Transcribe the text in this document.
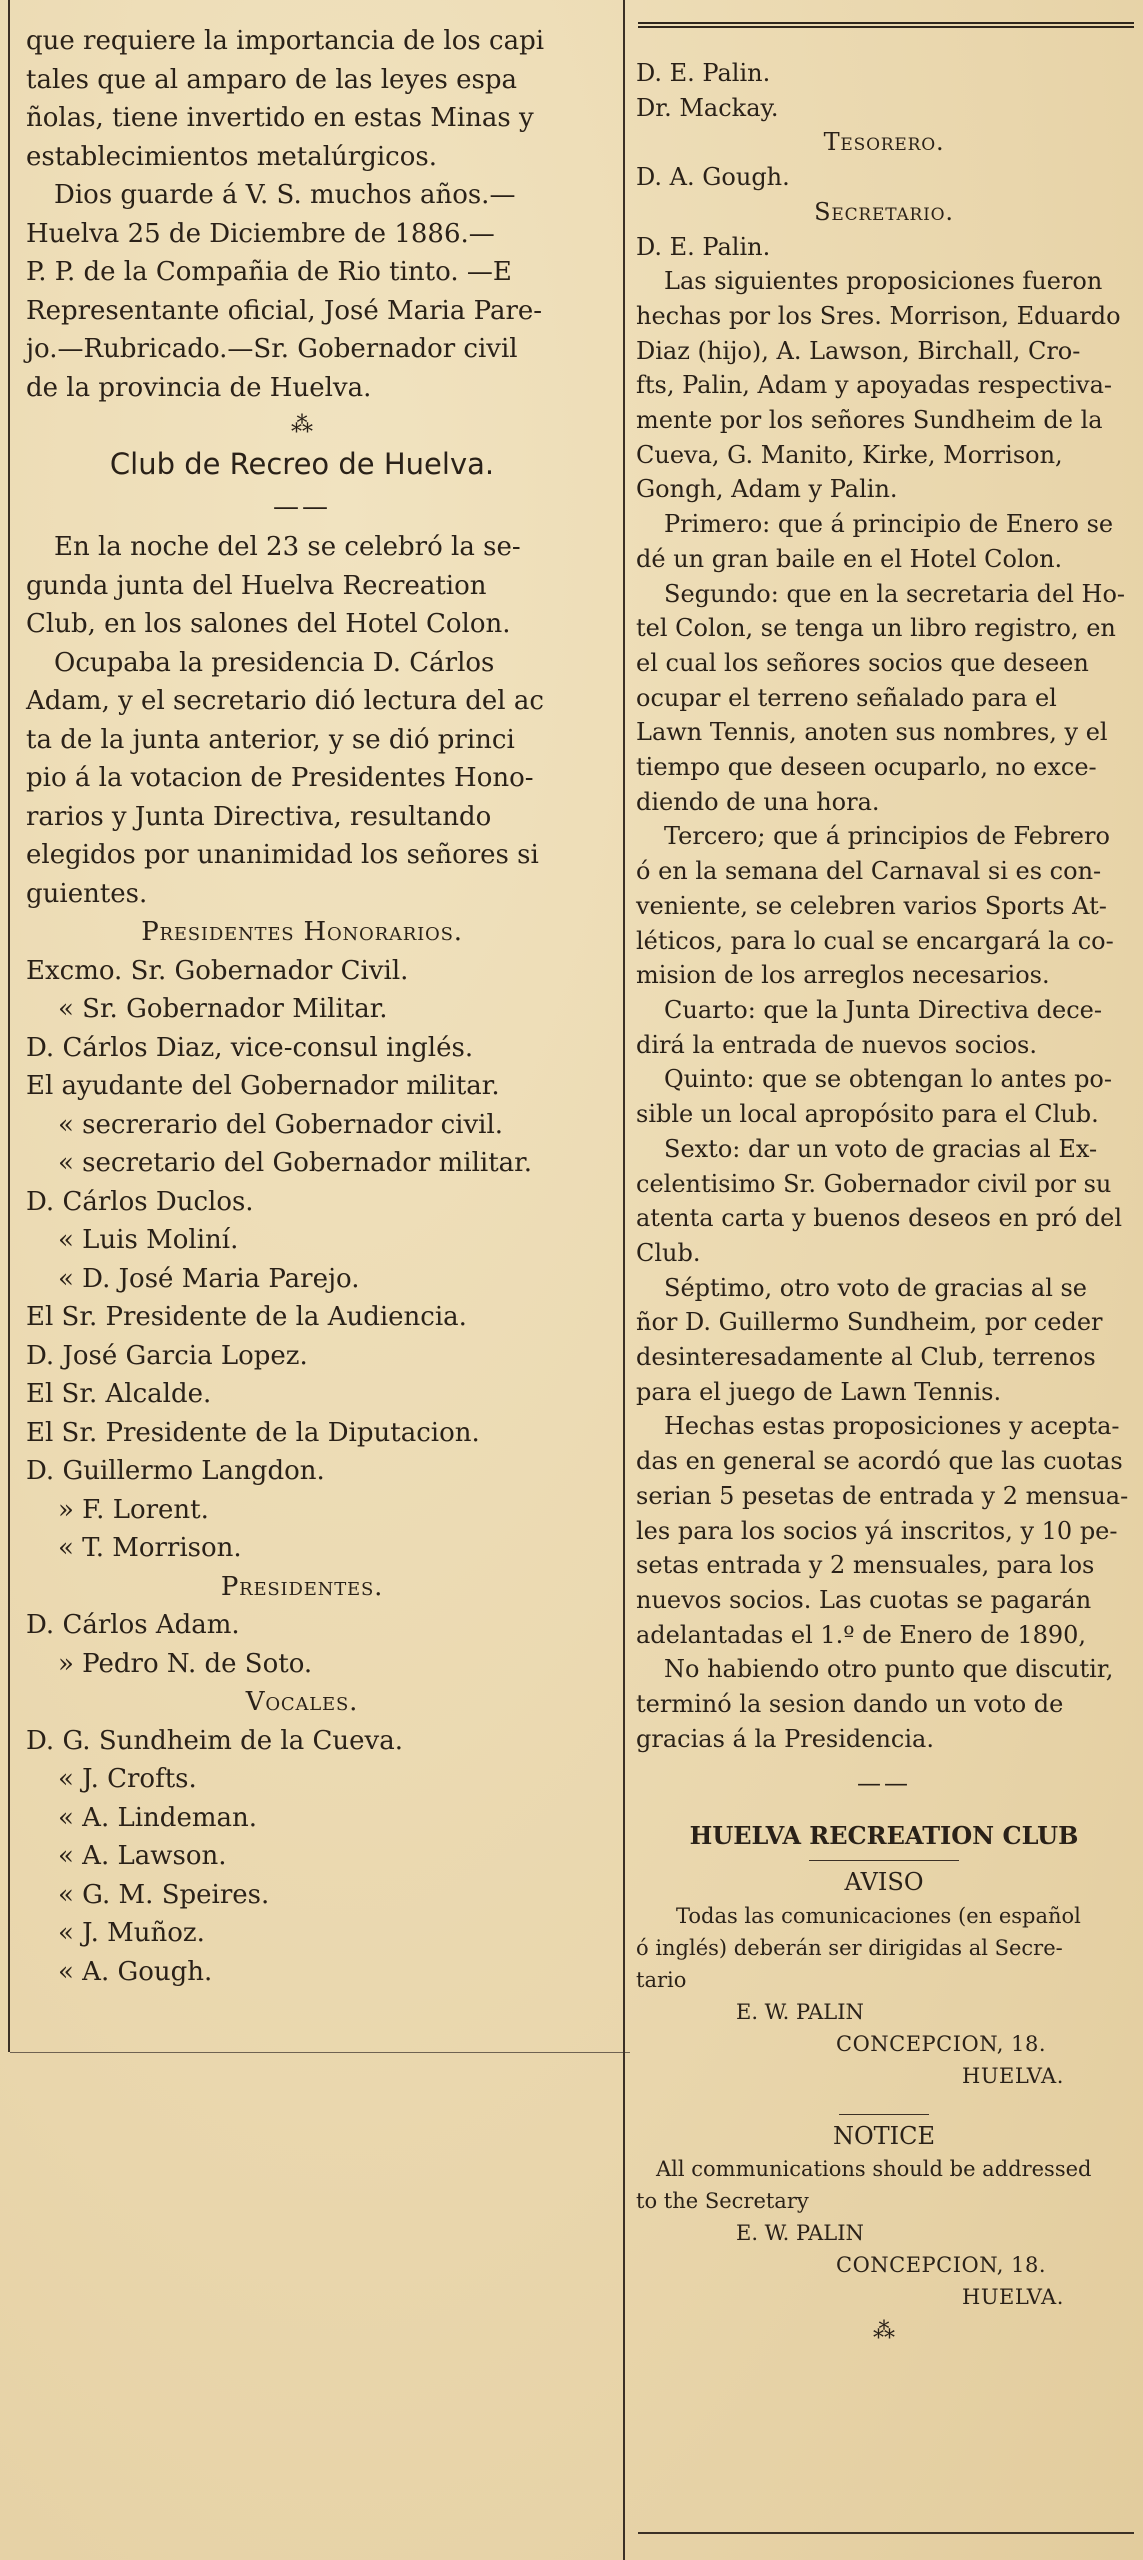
que requiere la importancia de los capi
tales que al amparo de las leyes espa
ñolas, tiene invertido en estas Minas y
establecimientos metalúrgicos.
Dios guarde á V. S. muchos años.—
Huelva 25 de Diciembre de 1886.—
P. P. de la Compañia de Rio tinto. —E
Representante oficial, José Maria Pare-
jo.—Rubricado.—Sr. Gobernador civil
de la provincia de Huelva.
⁂
Club de Recreo de Huelva.
——
En la noche del 23 se celebró la se-
gunda junta del Huelva Recreation
Club, en los salones del Hotel Colon.
Ocupaba la presidencia D. Cárlos
Adam, y el secretario dió lectura del ac
ta de la junta anterior, y se dió princi
pio á la votacion de Presidentes Hono-
rarios y Junta Directiva, resultando
elegidos por unanimidad los señores si
guientes.
Presidentes Honorarios.
Excmo. Sr. Gobernador Civil.
« Sr. Gobernador Militar.
D. Cárlos Diaz, vice-consul inglés.
El ayudante del Gobernador militar.
« secrerario del Gobernador civil.
« secretario del Gobernador militar.
D. Cárlos Duclos.
« Luis Moliní.
« D. José Maria Parejo.
El Sr. Presidente de la Audiencia.
D. José Garcia Lopez.
El Sr. Alcalde.
El Sr. Presidente de la Diputacion.
D. Guillermo Langdon.
» F. Lorent.
« T. Morrison.
Presidentes.
D. Cárlos Adam.
» Pedro N. de Soto.
Vocales.
D. G. Sundheim de la Cueva.
« J. Crofts.
« A. Lindeman.
« A. Lawson.
« G. M. Speires.
« J. Muñoz.
« A. Gough.
D. E. Palin.
Dr. Mackay.
Tesorero.
D. A. Gough.
Secretario.
D. E. Palin.
Las siguientes proposiciones fueron
hechas por los Sres. Morrison, Eduardo
Diaz (hijo), A. Lawson, Birchall, Cro-
fts, Palin, Adam y apoyadas respectiva-
mente por los señores Sundheim de la
Cueva, G. Manito, Kirke, Morrison,
Gongh, Adam y Palin.
Primero: que á principio de Enero se
dé un gran baile en el Hotel Colon.
Segundo: que en la secretaria del Ho-
tel Colon, se tenga un libro registro, en
el cual los señores socios que deseen
ocupar el terreno señalado para el
Lawn Tennis, anoten sus nombres, y el
tiempo que deseen ocuparlo, no exce-
diendo de una hora.
Tercero; que á principios de Febrero
ó en la semana del Carnaval si es con-
veniente, se celebren varios Sports At-
léticos, para lo cual se encargará la co-
mision de los arreglos necesarios.
Cuarto: que la Junta Directiva dece-
dirá la entrada de nuevos socios.
Quinto: que se obtengan lo antes po-
sible un local apropósito para el Club.
Sexto: dar un voto de gracias al Ex-
celentisimo Sr. Gobernador civil por su
atenta carta y buenos deseos en pró del
Club.
Séptimo, otro voto de gracias al se
ñor D. Guillermo Sundheim, por ceder
desinteresadamente al Club, terrenos
para el juego de Lawn Tennis.
Hechas estas proposiciones y acepta-
das en general se acordó que las cuotas
serian 5 pesetas de entrada y 2 mensua-
les para los socios yá inscritos, y 10 pe-
setas entrada y 2 mensuales, para los
nuevos socios. Las cuotas se pagarán
adelantadas el 1.º de Enero de 1890,
No habiendo otro punto que discutir,
terminó la sesion dando un voto de
gracias á la Presidencia.
——
HUELVA RECREATION CLUB
AVISO
Todas las comunicaciones (en español
ó inglés) deberán ser dirigidas al Secre-
tario
E. W. PALIN
CONCEPCION, 18.
HUELVA.
NOTICE
All communications should be addressed
to the Secretary
E. W. PALIN
CONCEPCION, 18.
HUELVA.
⁂
